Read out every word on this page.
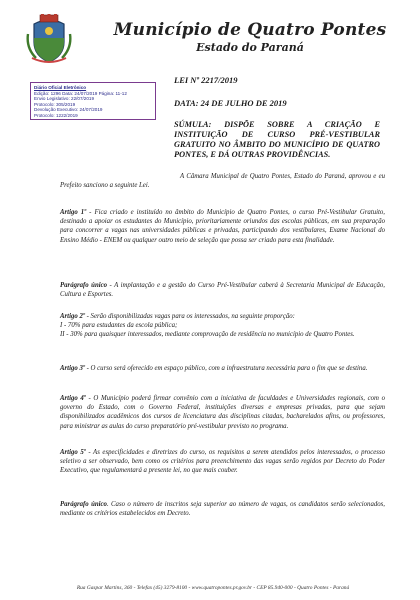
Município de Quatro Pontes
Estado do Paraná
Diário Oficial Eletrônico
Edição: 1296 Data: 24/07/2019 Página: 11-12
Envio Legislativo: 22/07/2019
Protocolo: 305/2019
Devolução Executivo: 24/07/2019
Protocolo: 1222/2019
LEI Nº 2217/2019
DATA: 24 DE JULHO DE 2019
SÚMULA: DISPÕE SOBRE A CRIAÇÃO E INSTITUIÇÃO DE CURSO PRÉ-VESTIBULAR GRATUITO NO ÂMBITO DO MUNICÍPIO DE QUATRO PONTES, E DÁ OUTRAS PROVIDÊNCIAS.
A Câmara Municipal de Quatro Pontes, Estado do Paraná, aprovou e eu Prefeito sanciono a seguinte Lei.
Artigo 1º - Fica criado e instituído no âmbito do Município de Quatro Pontes, o curso Pré-Vestibular Gratuito, destinado a apoiar os estudantes do Município, prioritariamente oriundos das escolas públicas, em sua preparação para concorrer a vagas nas universidades públicas e privadas, participando dos vestibulares, Exame Nacional do Ensino Médio - ENEM ou qualquer outro meio de seleção que possa ser criado para esta finalidade.
Parágrafo único - A implantação e a gestão do Curso Pré-Vestibular caberá à Secretaria Municipal de Educação, Cultura e Esportes.
Artigo 2º - Serão disponibilizadas vagas para os interessados, na seguinte proporção:
I - 70% para estudantes da escola pública;
II - 30% para quaisquer interessados, mediante comprovação de residência no município de Quatro Pontes.
Artigo 3º - O curso será oferecido em espaço público, com a infraestrutura necessária para o fim que se destina.
Artigo 4º - O Município poderá firmar convênio com a iniciativa de faculdades e Universidades regionais, com o governo do Estado, com o Governo Federal, instituições diversas e empresas privadas, para que sejam disponibilizados acadêmicos dos cursos de licenciatura das disciplinas citadas, bacharelados afins, ou professores, para ministrar as aulas do curso preparatório pré-vestibular previsto no programa.
Artigo 5º - As especificidades e diretrizes do curso, os requisitos a serem atendidos pelos interessados, o processo seletivo a ser observado, bem como os critérios para preenchimento das vagas serão regidos por Decreto do Poder Executivo, que regulamentará a presente lei, no que mais couber.
Parágrafo único. Caso o número de inscritos seja superior ao número de vagas, os candidatos serão selecionados, mediante os critérios estabelecidos em Decreto.
Rua Gaspar Martins, 360 - Telefax (45) 3279-8100 - www.quatropontes.pr.gov.br - CEP 85.940-000 - Quatro Pontes - Paraná
